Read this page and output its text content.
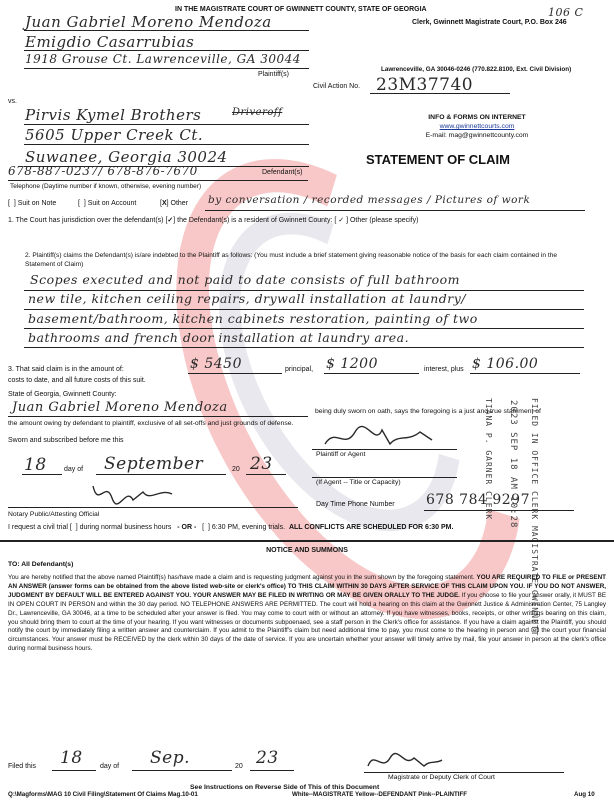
IN THE MAGISTRATE COURT OF GWINNETT COUNTY, STATE OF GEORGIA	106 C
Clerk, Gwinnett Magistrate Court, P.O. Box 246
Lawrenceville, GA 30046-0246 (770.822.8100, Ext. Civil Division)
Juan Gabriel Moreno Mendoza
Emigdio Casarrubias
1918 Grouse Ct. Lawrenceville, GA 30044
Plaintiff(s)
Civil Action No. 23M37740
vs.
Pirvis Kymel Brothers	Driveroff
5605 Upper Creek Ct.
Suwanee, Georgia 30024
678-887-0237/ 678-876-7670	Defendant(s)
Telephone (Daytime number if known, otherwise, evening number)
INFO & FORMS ON INTERNET
www.gwinnettcourts.com
E-mail: mag@gwinnettcounty.com
STATEMENT OF CLAIM
[  ] Suit on Note	[  ] Suit on Account	[X] Other by conversation / recorded messages / Pictures of work
1. The Court has jurisdiction over the defendant(s) [✓] the Defendant(s) is a resident of Gwinnett County: [ ✓ ] Other (please specify)
2. Plaintiff(s) claims the Defendant(s) is/are indebted to the Plaintiff as follows: (You must include a brief statement giving reasonable notice of the basis for each claim contained in the Statement of Claim)
Scopes executed and not paid to date consists of full bathroom
new tile, kitchen ceiling repairs, drywall installation at laundry/
basement/bathroom, kitchen cabinets restoration, painting of two
bathrooms and french door installation at laundry area.
3. That said claim is in the amount of:	$ 5450	principal, $ 1200	interest, plus $ 106.00
costs to date, and all future costs of this suit.
State of Georgia, Gwinnett County:
Juan Gabriel Moreno Mendoza	being duly sworn on oath, says the foregoing is a just and true statement of
the amount owing by defendant to plaintiff, exclusive of all set-offs and just grounds of defense.
Sworn and subscribed before me this
Plaintiff or Agent
18 day of September	20 23
(If Agent -- Title or Capacity)
Day Time Phone Number 678 784 9297
Notary Public/Attesting Official
I request a civil trial [  ] during normal business hours - OR -   [  ] 6:30 PM, evening trials. ALL CONFLICTS ARE SCHEDULED FOR 6:30 PM.	FILED IN OFFICE CLERK MAGISTRATE GWINNETT
2023 SEP 18 AM 10:28
TIANA P. GARNER CLERK
NOTICE AND SUMMONS
TO: All Defendant(s)
You are hereby notified that the above named Plaintiff(s) has/have made a claim and is requesting judgment against you in the sum shown by the foregoing statement. YOU ARE REQUIRED TO FILE or PRESENT AN ANSWER (answer forms can be obtained from the above listed web-site or clerk's office) TO THIS CLAIM WITHIN 30 DAYS AFTER SERVICE OF THIS CLAIM UPON YOU. IF YOU DO NOT ANSWER, JUDGMENT BY DEFAULT WILL BE ENTERED AGAINST YOU. YOUR ANSWER MAY BE FILED IN WRITING OR MAY BE GIVEN ORALLY TO THE JUDGE. If you choose to file your answer orally, it MUST BE IN OPEN COURT IN PERSON and within the 30 day period. NO TELEPHONE ANSWERS ARE PERMITTED. The court will hold a hearing on this claim at the Gwinnett Justice & Administration Center, 75 Langley Dr., Lawrenceville, GA 30046, at a time to be scheduled after your answer is filed. You may come to court with or without an attorney. If you have witnesses, books, receipts, or other writings bearing on this claim, you should bring them to court at the time of your hearing. If you want witnesses or documents subpoenaed, see a staff person in the Clerk's office for assistance. If you have a claim against the Plaintiff, you should notify the court by immediately filing a written answer and counterclaim. If you admit to the Plaintiff's claim but need additional time to pay, you must come to the hearing in person and tell the court your financial circumstances. Your answer must be RECEIVED by the clerk within 30 days of the date of service. If you are uncertain whether your answer will timely arrive by mail, file your answer in person at the clerk's office during normal business hours.
Filed this 18 day of Sep.	20 23
Magistrate or Deputy Clerk of Court
See Instructions on Reverse Side of This of this Document
Q:\Magforms\MAG 10 Civil Filing\Statement Of Claims Mag.10-01	White--MAGISTRATE Yellow--DEFENDANT Pink--PLAINTIFF	Aug 10
